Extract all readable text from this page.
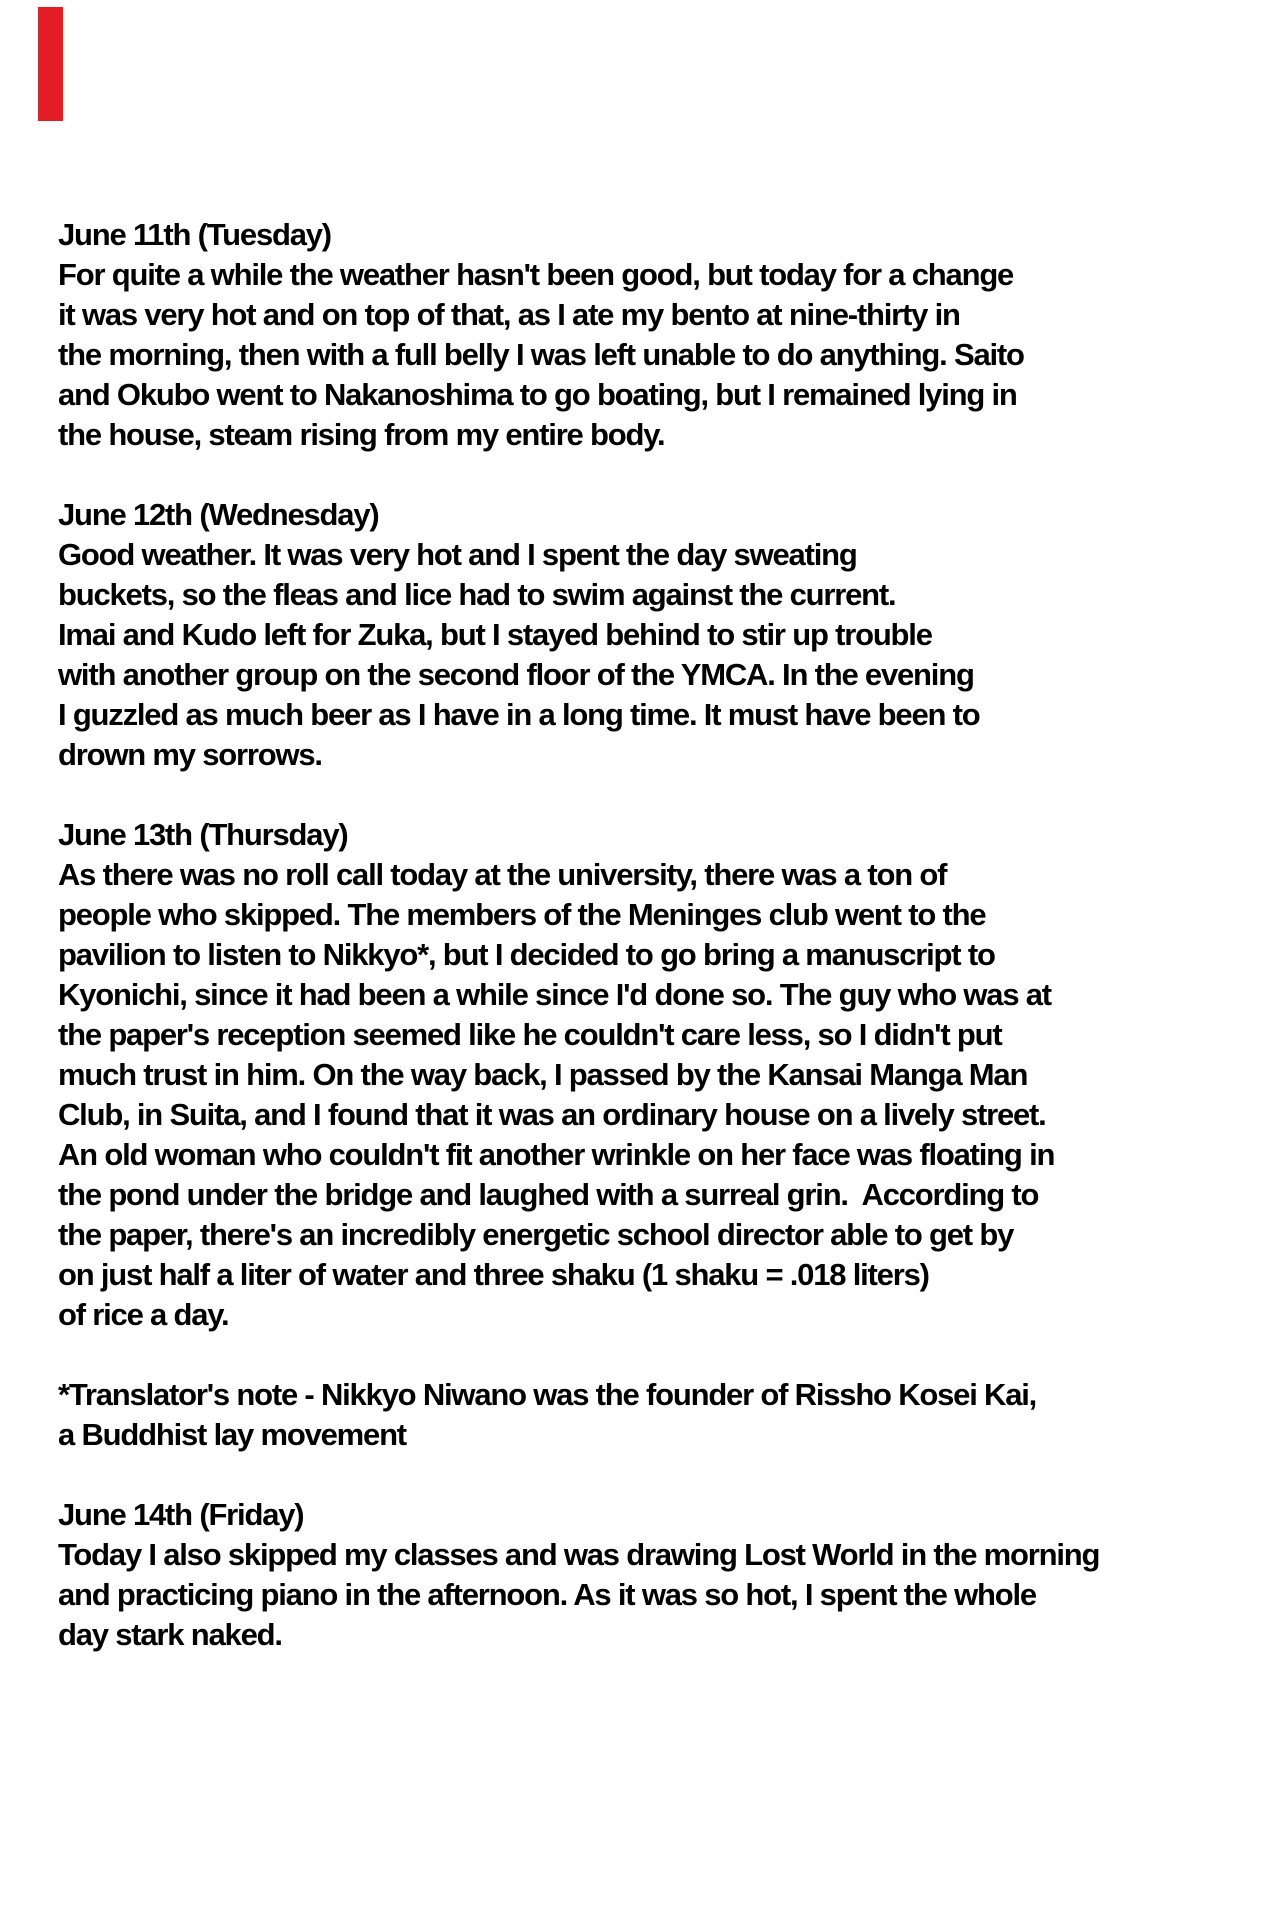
June 11th (Tuesday)
For quite a while the weather hasn't been good, but today for a change
it was very hot and on top of that, as I ate my bento at nine-thirty in
the morning, then with a full belly I was left unable to do anything. Saito
and Okubo went to Nakanoshima to go boating, but I remained lying in
the house, steam rising from my entire body.
June 12th (Wednesday)
Good weather. It was very hot and I spent the day sweating
buckets, so the fleas and lice had to swim against the current.
Imai and Kudo left for Zuka, but I stayed behind to stir up trouble
with another group on the second floor of the YMCA. In the evening
I guzzled as much beer as I have in a long time. It must have been to
drown my sorrows.
June 13th (Thursday)
As there was no roll call today at the university, there was a ton of
people who skipped. The members of the Meninges club went to the
pavilion to listen to Nikkyo*, but I decided to go bring a manuscript to
Kyonichi, since it had been a while since I'd done so. The guy who was at
the paper's reception seemed like he couldn't care less, so I didn't put
much trust in him. On the way back, I passed by the Kansai Manga Man
Club, in Suita, and I found that it was an ordinary house on a lively street.
An old woman who couldn't fit another wrinkle on her face was floating in
the pond under the bridge and laughed with a surreal grin.  According to
the paper, there's an incredibly energetic school director able to get by
on just half a liter of water and three shaku (1 shaku = .018 liters)
of rice a day.
*Translator's note - Nikkyo Niwano was the founder of Rissho Kosei Kai,
a Buddhist lay movement
June 14th (Friday)
Today I also skipped my classes and was drawing Lost World in the morning
and practicing piano in the afternoon. As it was so hot, I spent the whole
day stark naked.
